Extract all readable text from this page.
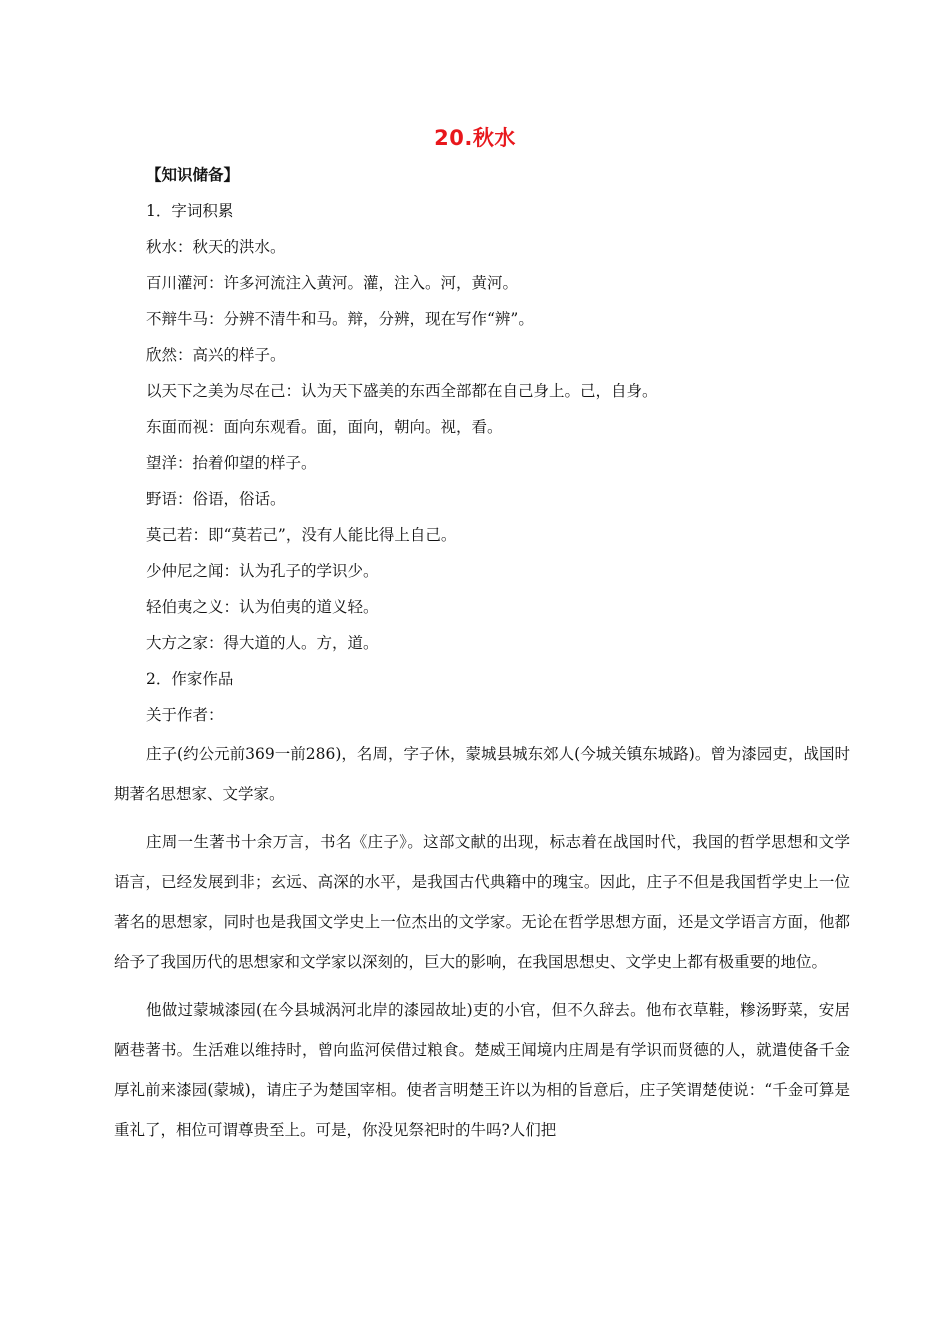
20.秋水
【知识储备】
1．字词积累
秋水：秋天的洪水。
百川灌河：许多河流注入黄河。灌，注入。河，黄河。
不辩牛马：分辨不清牛和马。辩，分辨，现在写作“辨”。
欣然：高兴的样子。
以天下之美为尽在己：认为天下盛美的东西全部都在自己身上。己，自身。
东面而视：面向东观看。面，面向，朝向。视，看。
望洋：抬着仰望的样子。
野语：俗语，俗话。
莫己若：即“莫若己”，没有人能比得上自己。
少仲尼之闻：认为孔子的学识少。
轻伯夷之义：认为伯夷的道义轻。
大方之家：得大道的人。方，道。
2．作家作品
关于作者：

庄子(约公元前369一前286)，名周，字子休，蒙城县城东郊人(今城关镇东城路)。曾为漆园吏，战国时期著名思想家、文学家。

庄周一生著书十余万言，书名《庄子》。这部文献的出现，标志着在战国时代，我国的哲学思想和文学语言，已经发展到非；玄远、高深的水平，是我国古代典籍中的瑰宝。因此，庄子不但是我国哲学史上一位著名的思想家，同时也是我国文学史上一位杰出的文学家。无论在哲学思想方面，还是文学语言方面，他都给予了我国历代的思想家和文学家以深刻的，巨大的影响，在我国思想史、文学史上都有极重要的地位。

他做过蒙城漆园(在今县城涡河北岸的漆园故址)吏的小官，但不久辞去。他布衣草鞋，糁汤野菜，安居陋巷著书。生活难以维持时，曾向监河侯借过粮食。楚威王闻境内庄周是有学识而贤德的人，就遣使备千金厚礼前来漆园(蒙城)，请庄子为楚国宰相。使者言明楚王许以为相的旨意后，庄子笑谓楚使说：“千金可算是重礼了，相位可谓尊贵至上。可是，你没见祭祀时的牛吗?人们把
